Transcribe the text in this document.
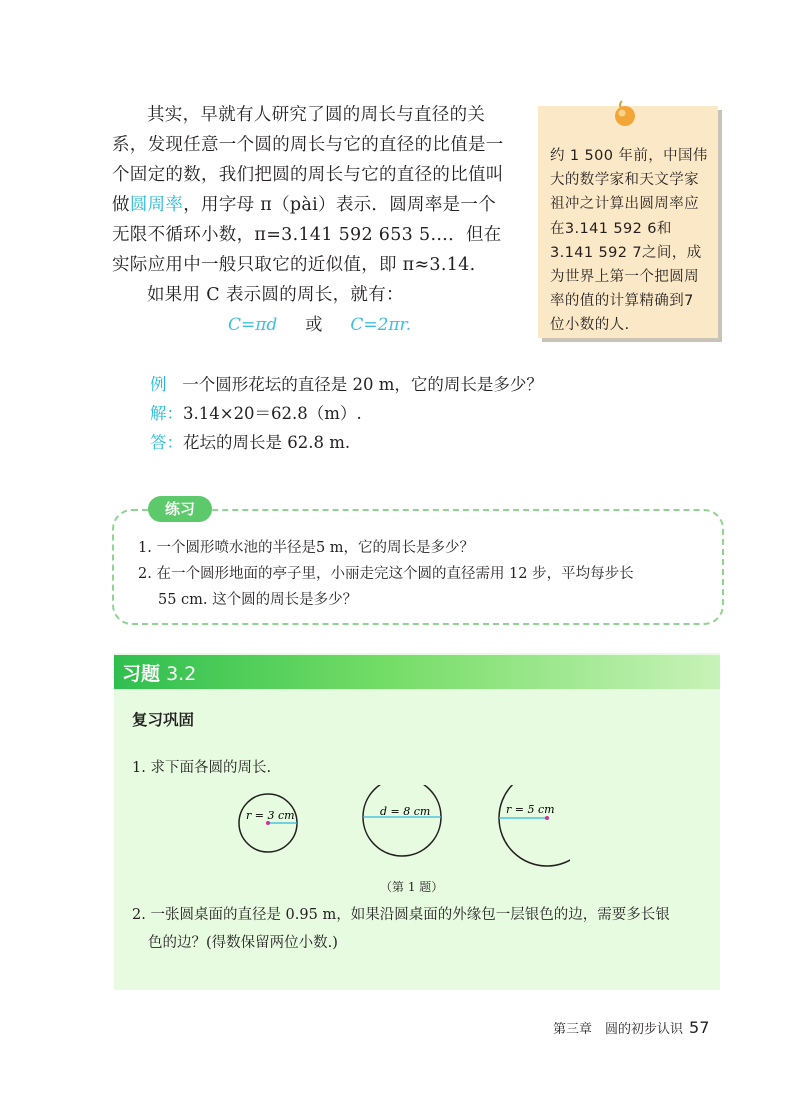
其实，早就有人研究了圆的周长与直径的关系，发现任意一个圆的周长与它的直径的比值是一个固定的数，我们把圆的周长与它的直径的比值叫做圆周率，用字母 π（pài）表示．圆周率是一个无限不循环小数，π=3.141 592 653 5…．但在实际应用中一般只取它的近似值，即 π≈3.14.

如果用 C 表示圆的周长，就有：

C=πd 或 C=2πr.
例 一个圆形花坛的直径是 20 m，它的周长是多少？
解：3.14×20＝62.8（m）.
答：花坛的周长是 62.8 m.
约 1 500 年前，中国伟大的数学家和天文学家祖冲之计算出圆周率应在3.141 592 6和3.141 592 7之间，成为世界上第一个把圆周率的值的计算精确到7位小数的人.
练习
1. 一个圆形喷水池的半径是5 m，它的周长是多少？
2. 在一个圆形地面的亭子里，小丽走完这个圆的直径需用 12 步，平均每步长
55 cm. 这个圆的周长是多少？
习题 3.2
复习巩固
1. 求下面各圆的周长.
r = 3 cm	d = 8 cm	r = 5 cm
（第 1 题）
2. 一张圆桌面的直径是 0.95 m，如果沿圆桌面的外缘包一层银色的边，需要多长银
色的边？(得数保留两位小数.)
第三章　圆的初步认识 57
